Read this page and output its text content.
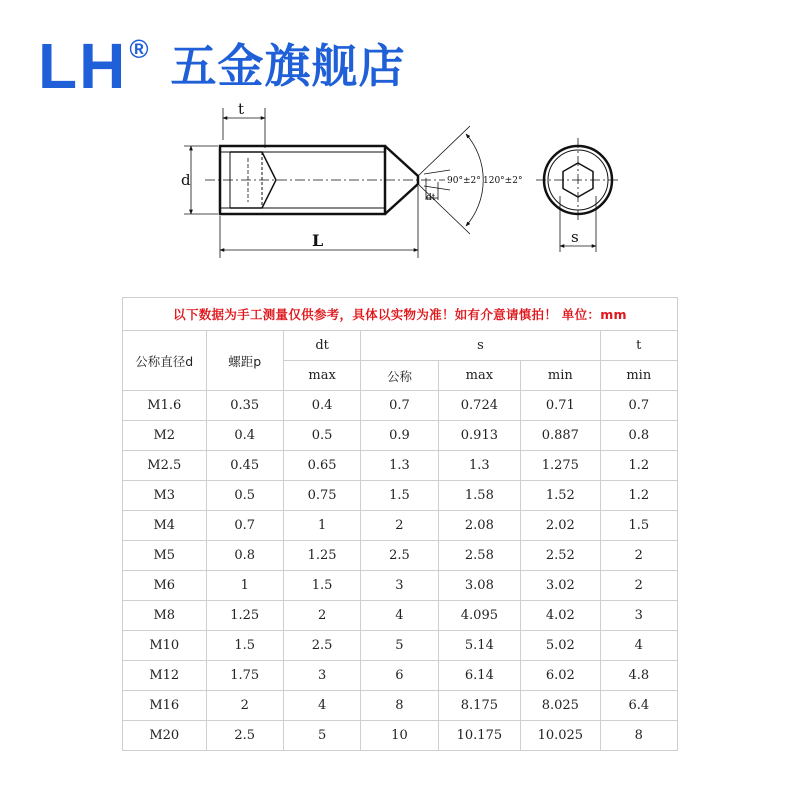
LH ® 五金旗舰店
t
d
L
90°±2° 120°±2°
dt
s
以下数据为手工测量仅供参考，具体以实物为准！如有介意请慎拍！ 单位：mm						
公称直径d	螺距p	dt	s			t
		max	公称	max	min	min
M1.6	0.35	0.4	0.7	0.724	0.71	0.7
M2	0.4	0.5	0.9	0.913	0.887	0.8
M2.5	0.45	0.65	1.3	1.3	1.275	1.2
M3	0.5	0.75	1.5	1.58	1.52	1.2
M4	0.7	1	2	2.08	2.02	1.5
M5	0.8	1.25	2.5	2.58	2.52	2
M6	1	1.5	3	3.08	3.02	2
M8	1.25	2	4	4.095	4.02	3
M10	1.5	2.5	5	5.14	5.02	4
M12	1.75	3	6	6.14	6.02	4.8
M16	2	4	8	8.175	8.025	6.4
M20	2.5	5	10	10.175	10.025	8
